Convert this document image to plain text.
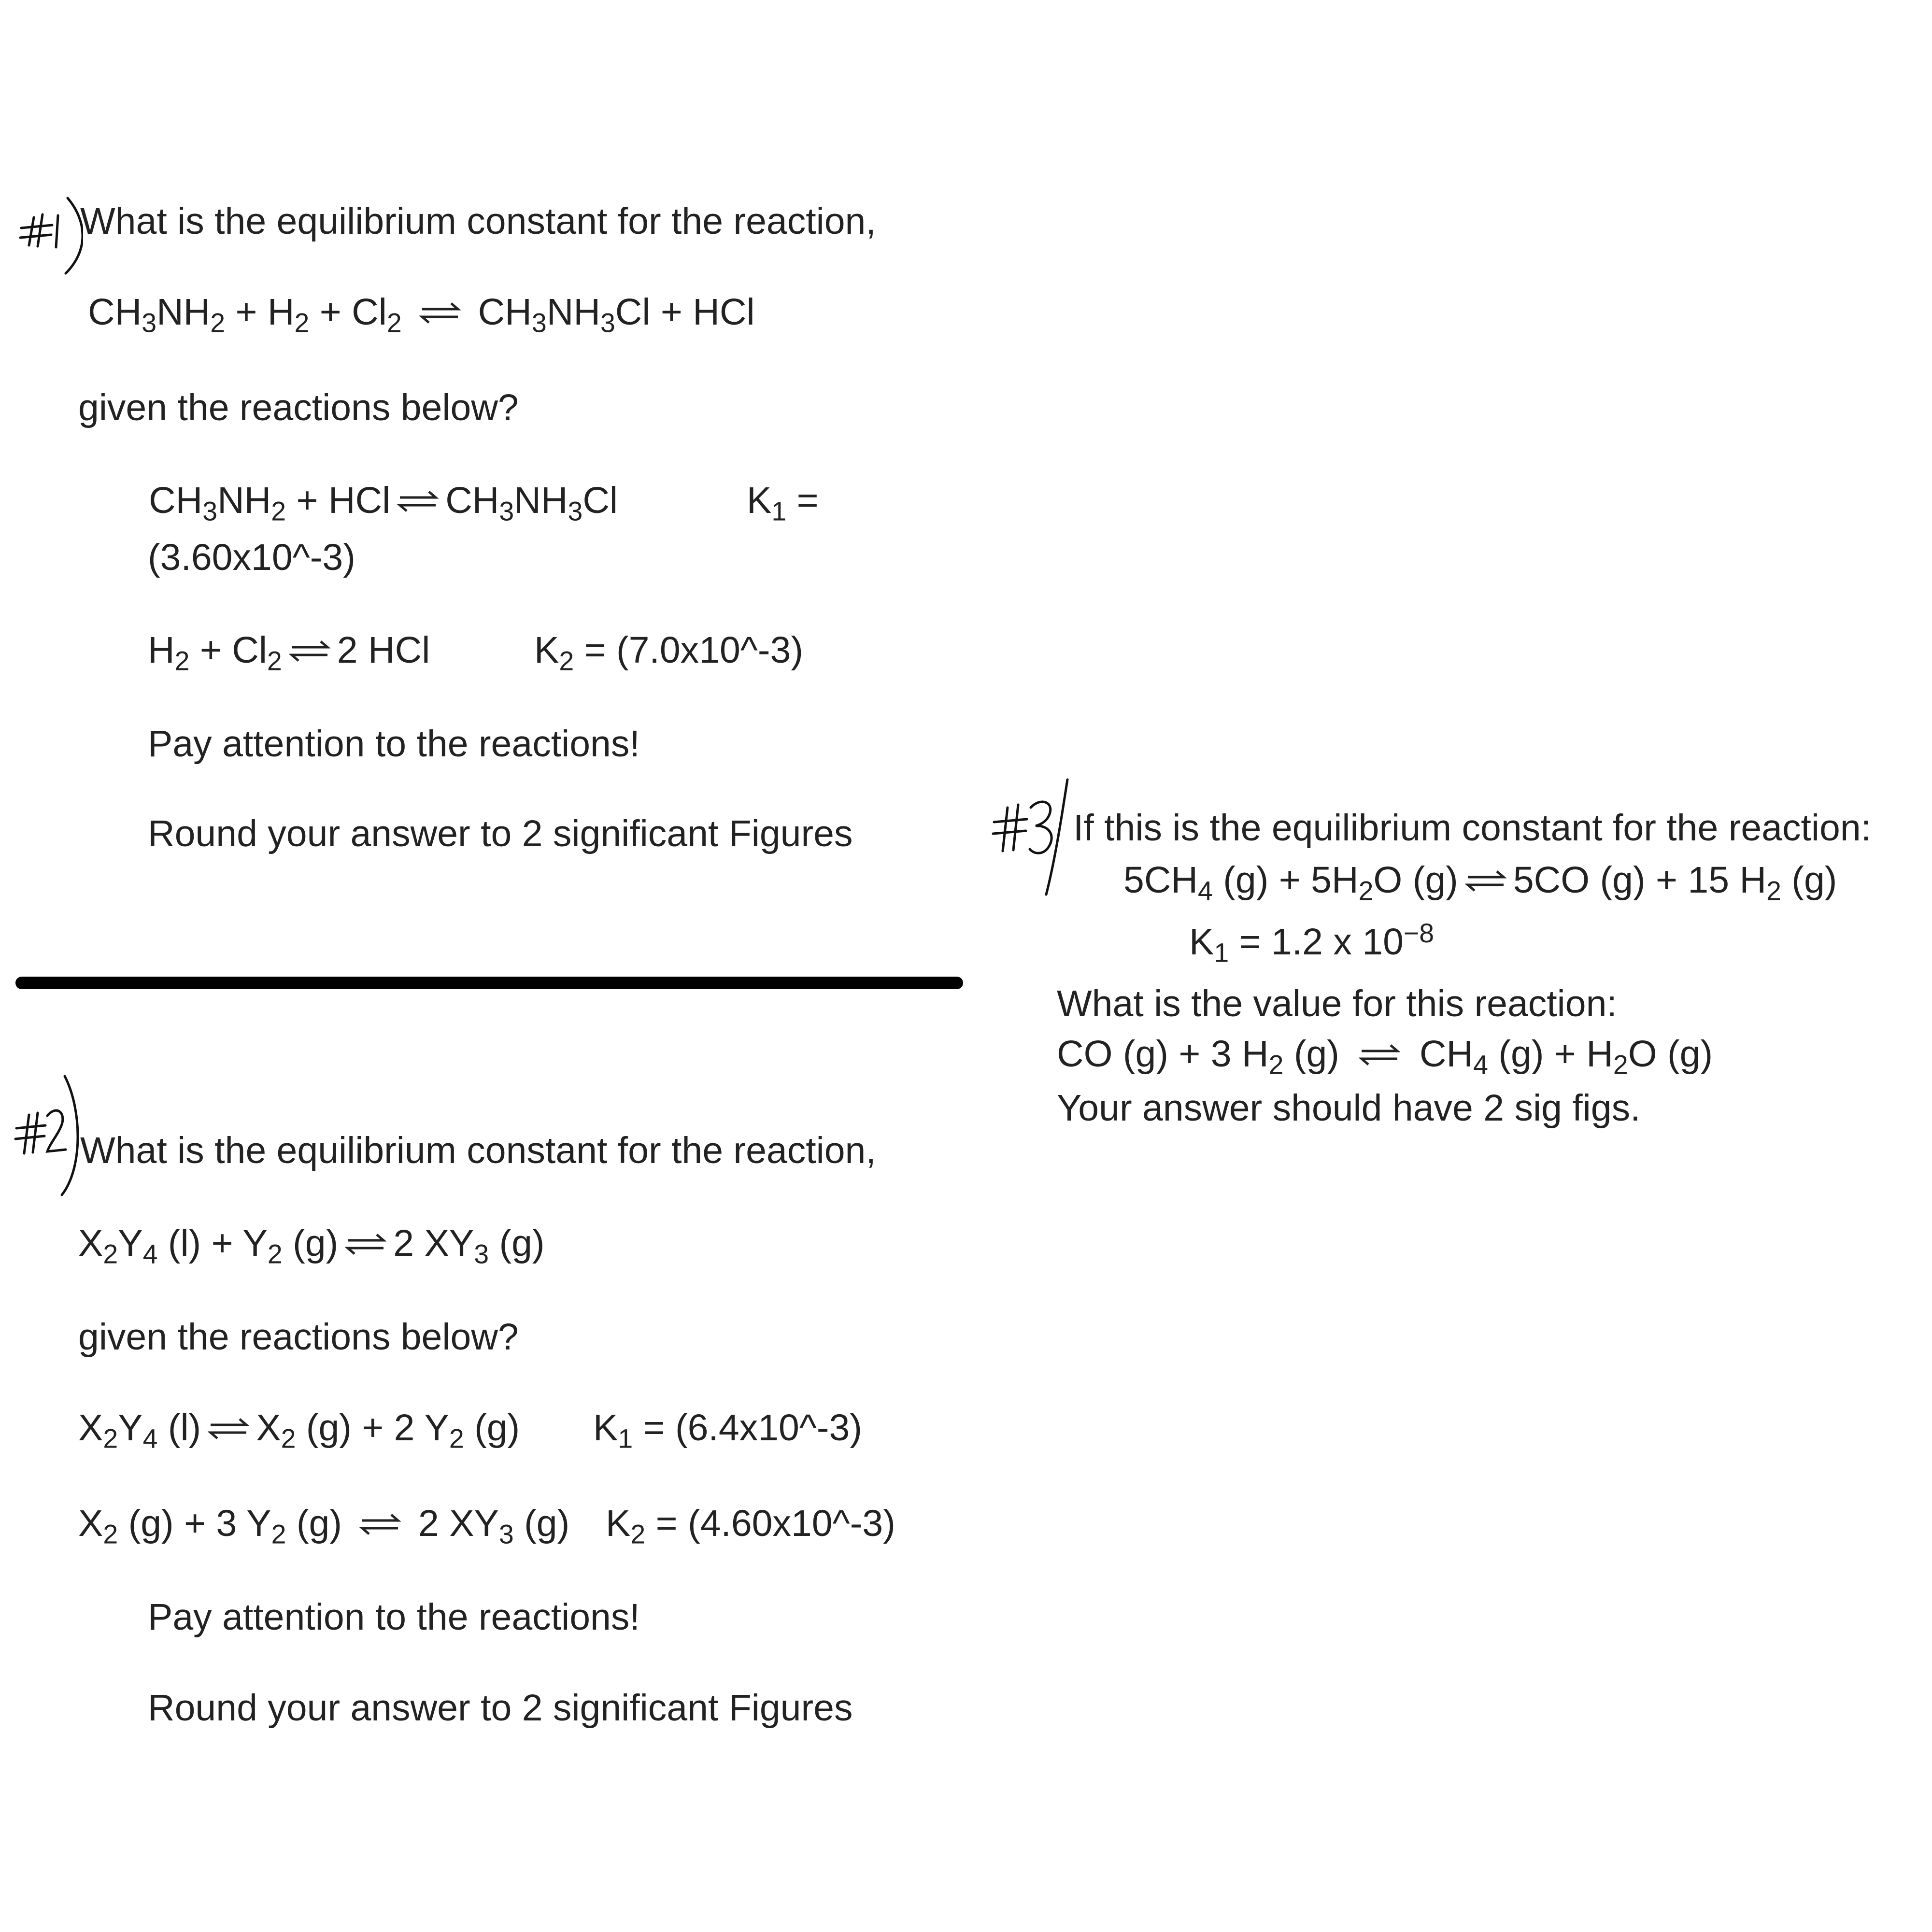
What is the equilibrium constant for the reaction,

$CH_3NH_2 + H_2 + Cl_2$ ⇌ $CH_3NH_3Cl$ + HCl

given the reactions below?

$CH_3NH_2$ + HCl ⇌ $CH_3NH_3Cl$	$K_1$ =

(3.60x10^-3)

$H_2 + Cl_2$ ⇌ 2 HCl	$K_2$ = (7.0x10^-3)

Pay attention to the reactions!

Round your answer to 2 significant Figures

What is the equilibrium constant for the reaction,

$X_2Y_4$ $(l) + Y_2$ (g) ⇌ 2 $XY_3$ (g)

given the reactions below?

$X_2Y_4$ (l) ⇌ $X_2$ (g) + 2 $Y_2$ (g) $K_1$ = (6.4x10^-3)

$X_2$ (g) + 3 $Y_2$ (g) ⇌ 2 $XY_3$ (g) $K_2$ = (4.60x10^-3)

Pay attention to the reactions!

Round your answer to 2 significant Figures

If this is the equilibrium constant for the reaction:

$5CH_4$ $(g) + 5H_2O$ (g) ⇌ 5CO (g) + 15 $H_2$ (g)

$K_1 = 1.2$ x $10^{-8}$

What is the value for this reaction:

CO (g) + 3 $H_2$ (g) ⇌ $CH_4$ $(g) + H_2O$ (g)

Your answer should have 2 sig figs.
